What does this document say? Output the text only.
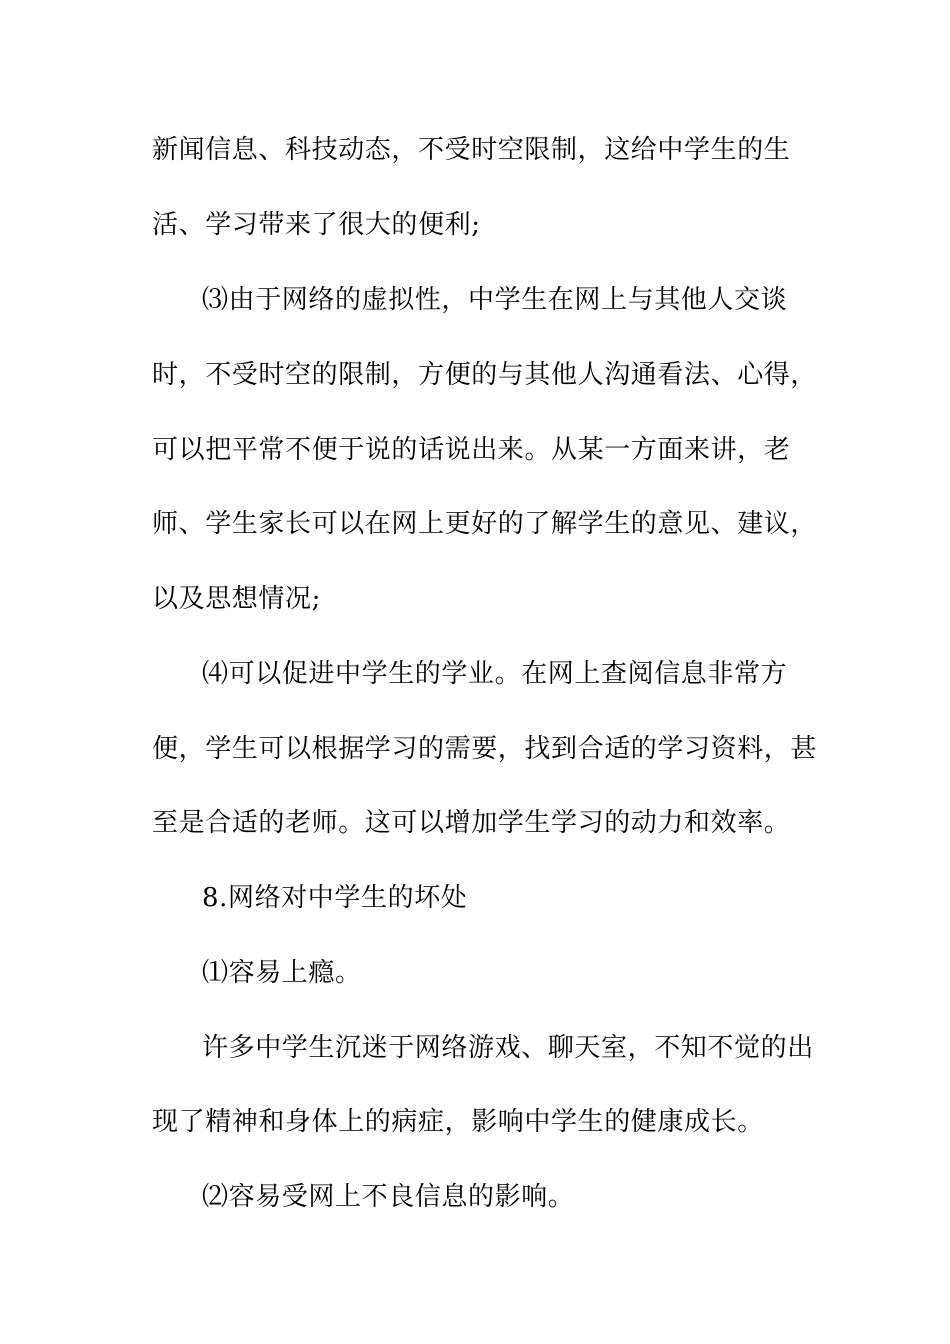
新闻信息、科技动态，不受时空限制，这给中学生的生
活、学习带来了很大的便利;
⑶由于网络的虚拟性，中学生在网上与其他人交谈
时，不受时空的限制，方便的与其他人沟通看法、心得，
可以把平常不便于说的话说出来。从某一方面来讲，老
师、学生家长可以在网上更好的了解学生的意见、建议，
以及思想情况;
⑷可以促进中学生的学业。在网上查阅信息非常方
便，学生可以根据学习的需要，找到合适的学习资料，甚
至是合适的老师。这可以增加学生学习的动力和效率。
8.网络对中学生的坏处
⑴容易上瘾。
许多中学生沉迷于网络游戏、聊天室，不知不觉的出
现了精神和身体上的病症，影响中学生的健康成长。
⑵容易受网上不良信息的影响。
